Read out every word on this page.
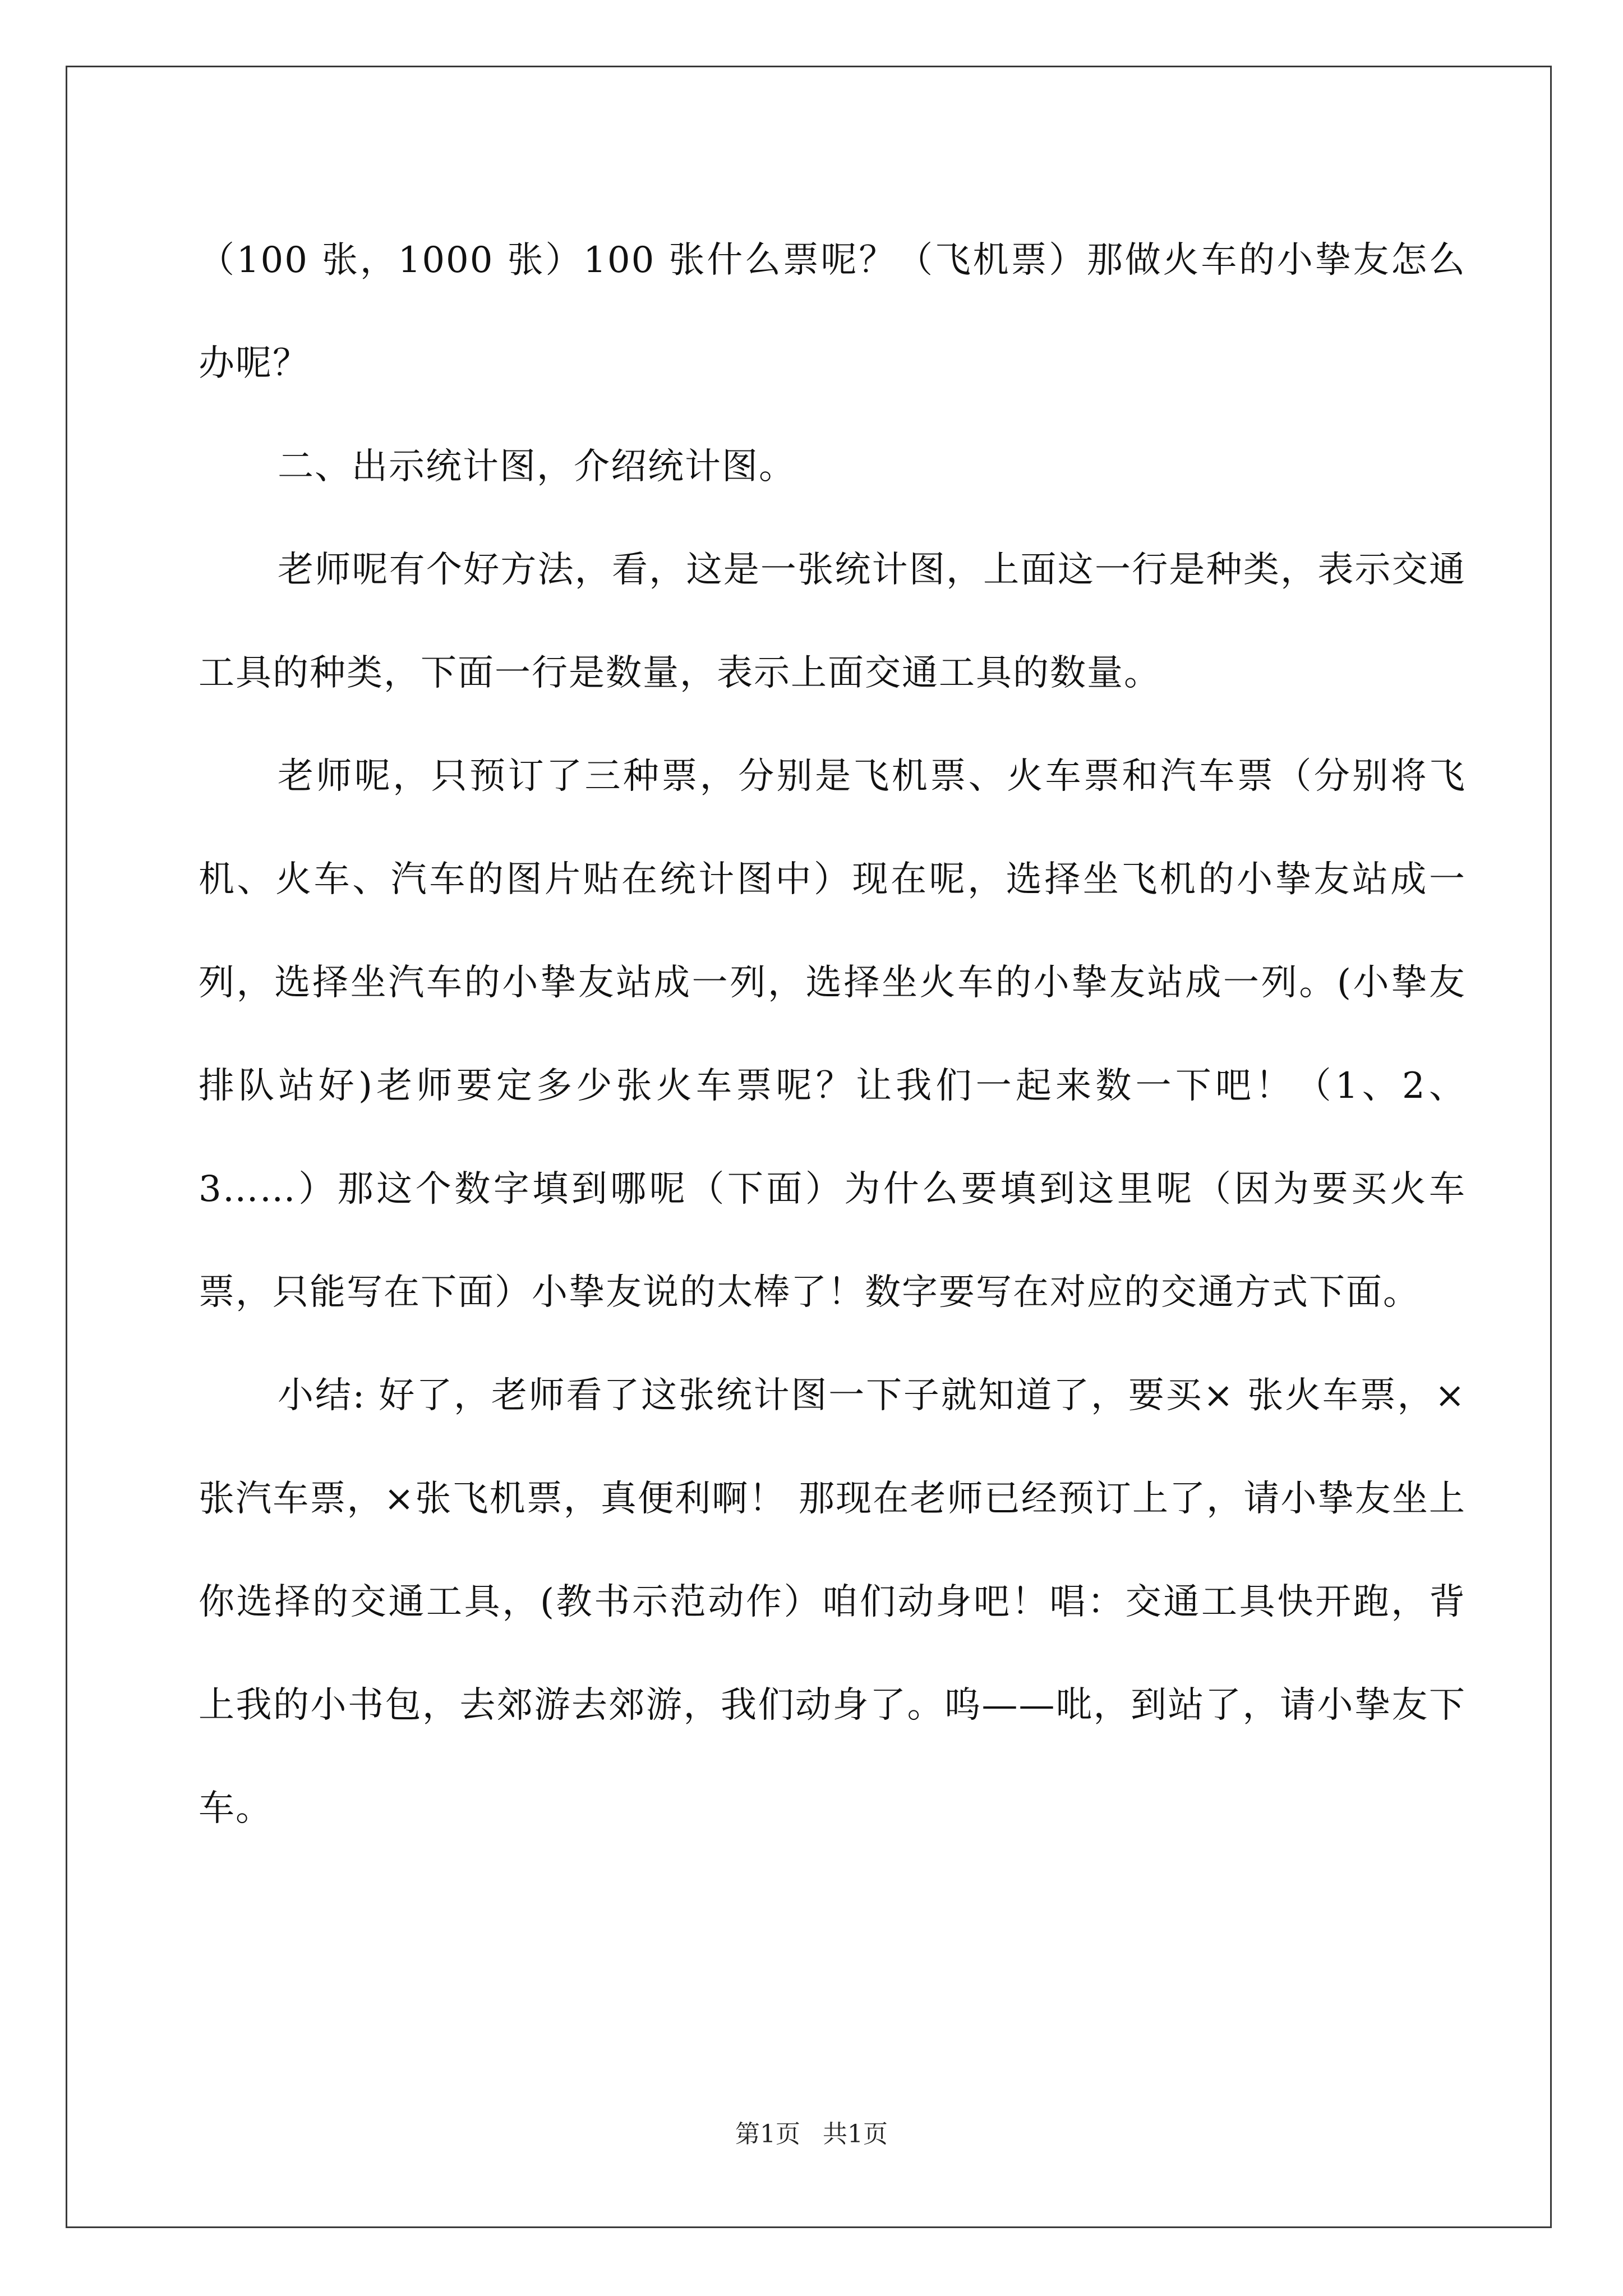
（100 张，1000 张）100 张什么票呢？（飞机票）那做火车的小挚友怎么办呢？

二、出示统计图，介绍统计图。

老师呢有个好方法，看，这是一张统计图，上面这一行是种类，表示交通工具的种类，下面一行是数量，表示上面交通工具的数量。

老师呢，只预订了三种票，分别是飞机票、火车票和汽车票（分别将飞机、火车、汽车的图片贴在统计图中）现在呢，选择坐飞机的小挚友站成一列，选择坐汽车的小挚友站成一列，选择坐火车的小挚友站成一列。(小挚友排队站好)老师要定多少张火车票呢？让我们一起来数一下吧！（1、2、3……）那这个数字填到哪呢（下面）为什么要填到这里呢（因为要买火车票，只能写在下面）小挚友说的太棒了！数字要写在对应的交通方式下面。

小结: 好了，老师看了这张统计图一下子就知道了，要买× 张火车票，×张汽车票，×张飞机票，真便利啊！ 那现在老师已经预订上了，请小挚友坐上你选择的交通工具，(教书示范动作）咱们动身吧！唱：交通工具快开跑，背上我的小书包，去郊游去郊游，我们动身了。呜——吡，到站了，请小挚友下车。

第1页 共1页
